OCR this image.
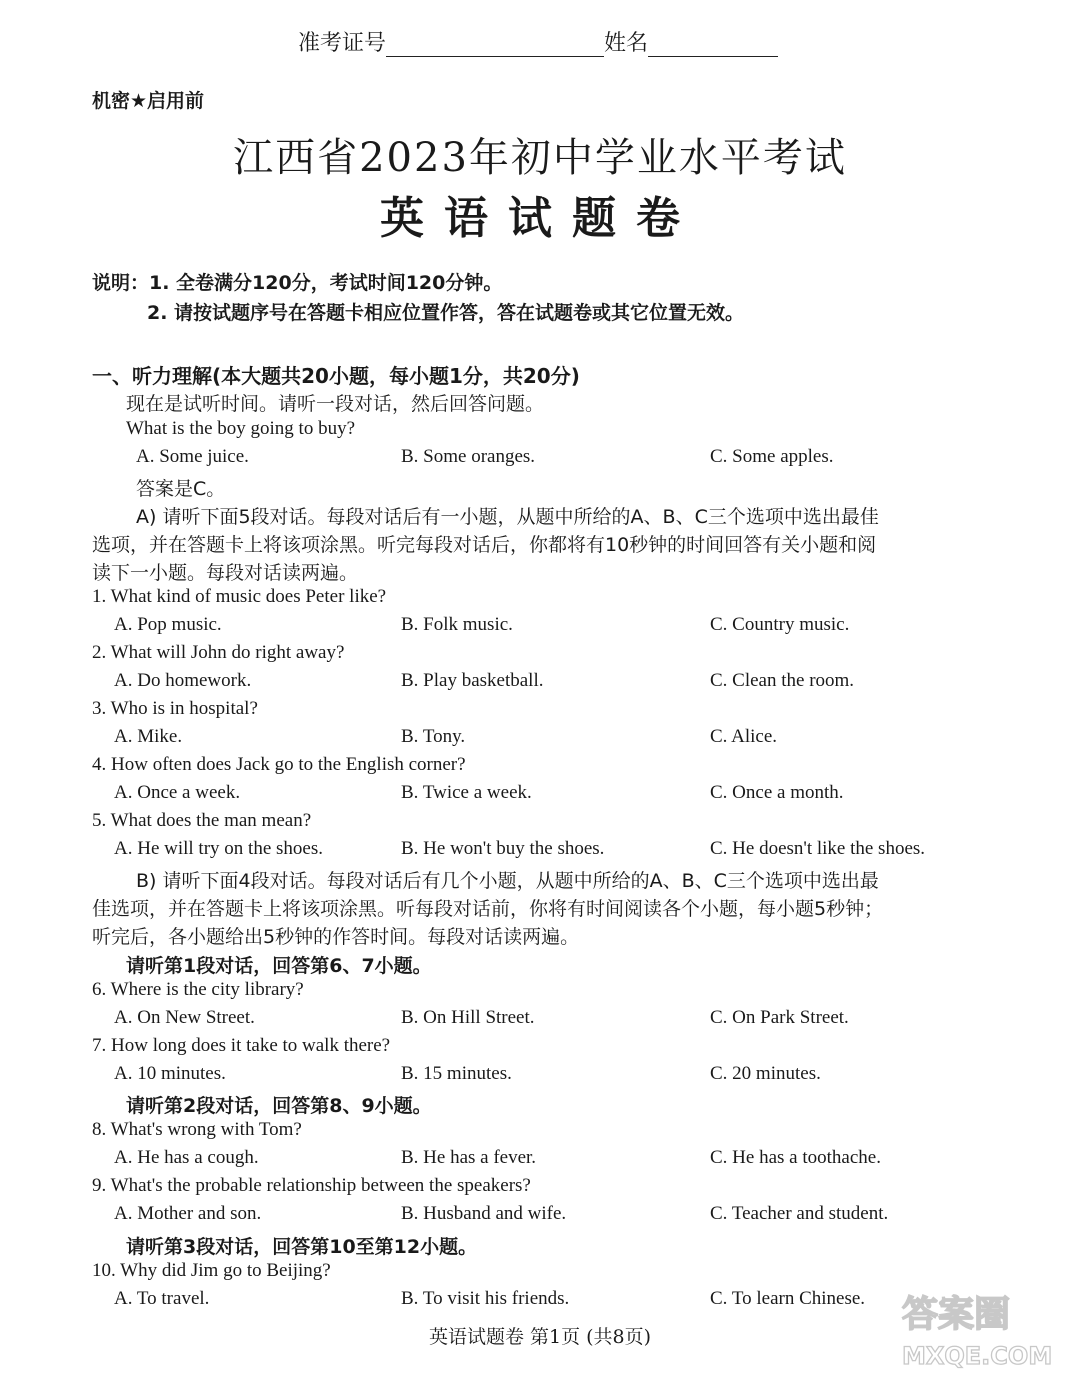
准考证号	姓名
机密★启用前
江西省2023年初中学业水平考试
英语试题卷
说明：1. 全卷满分120分，考试时间120分钟。
2. 请按试题序号在答题卡相应位置作答，答在试题卷或其它位置无效。
一、听力理解(本大题共20小题，每小题1分，共20分)
现在是试听时间。请听一段对话，然后回答问题。
What is the boy going to buy?
A. Some juice.	B. Some oranges.	C. Some apples.
答案是C。
A) 请听下面5段对话。每段对话后有一小题，从题中所给的A、B、C三个选项中选出最佳
选项，并在答题卡上将该项涂黑。听完每段对话后，你都将有10秒钟的时间回答有关小题和阅
读下一小题。每段对话读两遍。
1. What kind of music does Peter like?
A. Pop music.	B. Folk music.	C. Country music.
2. What will John do right away?
A. Do homework.	B. Play basketball.	C. Clean the room.
3. Who is in hospital?
A. Mike.	B. Tony.	C. Alice.
4. How often does Jack go to the English corner?
A. Once a week.	B. Twice a week.	C. Once a month.
5. What does the man mean?
A. He will try on the shoes.	B. He won't buy the shoes.	C. He doesn't like the shoes.
B) 请听下面4段对话。每段对话后有几个小题，从题中所给的A、B、C三个选项中选出最
佳选项，并在答题卡上将该项涂黑。听每段对话前，你将有时间阅读各个小题，每小题5秒钟；
听完后，各小题给出5秒钟的作答时间。每段对话读两遍。
请听第1段对话，回答第6、7小题。
6. Where is the city library?
A. On New Street.	B. On Hill Street.	C. On Park Street.
7. How long does it take to walk there?
A. 10 minutes.	B. 15 minutes.	C. 20 minutes.
请听第2段对话，回答第8、9小题。
8. What's wrong with Tom?
A. He has a cough.	B. He has a fever.	C. He has a toothache.
9. What's the probable relationship between the speakers?
A. Mother and son.	B. Husband and wife.	C. Teacher and student.
请听第3段对话，回答第10至第12小题。
10. Why did Jim go to Beijing?
A. To travel.	B. To visit his friends.	C. To learn Chinese.
英语试题卷 第1页 (共8页)
答案圈
MXQE.COM
